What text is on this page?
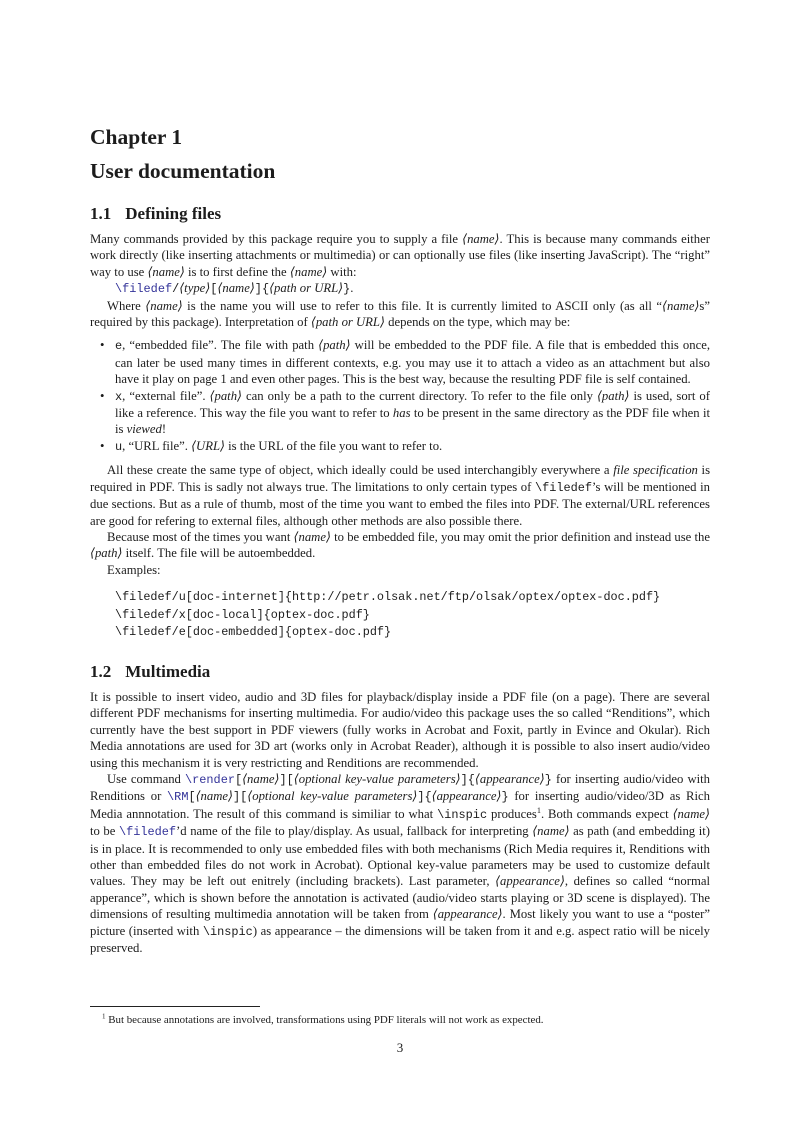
Chapter 1
User documentation
1.1 Defining files

Many commands provided by this package require you to supply a file ⟨name⟩. This is because many commands either work directly (like inserting attachments or multimedia) or can optionally use files (like inserting JavaScript). The “right” way to use ⟨name⟩ is to first define the ⟨name⟩ with:

\filedef/⟨type⟩[⟨name⟩]{⟨path or URL⟩}.

Where ⟨name⟩ is the name you will use to refer to this file. It is currently limited to ASCII only (as all “⟨name⟩s” required by this package). Interpretation of ⟨path or URL⟩ depends on the type, which may be:

• e, “embedded file”. The file with path ⟨path⟩ will be embedded to the PDF file. A file that is embedded this once, can later be used many times in different contexts, e.g. you may use it to attach a video as an attachment but also have it play on page 1 and even other pages. This is the best way, because the resulting PDF file is self contained.
• x, “external file”. ⟨path⟩ can only be a path to the current directory. To refer to the file only ⟨path⟩ is used, sort of like a reference. This way the file you want to refer to has to be present in the same directory as the PDF file when it is viewed!
• u, “URL file”. ⟨URL⟩ is the URL of the file you want to refer to.

All these create the same type of object, which ideally could be used interchangibly everywhere a file specification is required in PDF. This is sadly not always true. The limitations to only certain types of \filedef’s will be mentioned in due sections. But as a rule of thumb, most of the time you want to embed the files into PDF. The external/URL references are good for refering to external files, although other methods are also possible there.

Because most of the times you want ⟨name⟩ to be embedded file, you may omit the prior definition and instead use the ⟨path⟩ itself. The file will be autoembedded.

Examples:

\filedef/u[doc-internet]{http://petr.olsak.net/ftp/olsak/optex/optex-doc.pdf}
\filedef/x[doc-local]{optex-doc.pdf}
\filedef/e[doc-embedded]{optex-doc.pdf}
1.2 Multimedia

It is possible to insert video, audio and 3D files for playback/display inside a PDF file (on a page). There are several different PDF mechanisms for inserting multimedia. For audio/video this package uses the so called “Renditions”, which currently have the best support in PDF viewers (fully works in Acrobat and Foxit, partly in Evince and Okular). Rich Media annotations are used for 3D art (works only in Acrobat Reader), although it is possible to also insert audio/video using this mechanism it is very restricting and Renditions are recommended.

Use command \render[⟨name⟩][⟨optional key-value parameters⟩]{⟨appearance⟩} for inserting audio/video with Renditions or \RM[⟨name⟩][⟨optional key-value parameters⟩]{⟨appearance⟩} for inserting audio/video/3D as Rich Media annnotation. The result of this command is similiar to what \inspic produces$^1$. Both commands expect ⟨name⟩ to be \filedef’d name of the file to play/display. As usual, fallback for interpreting ⟨name⟩ as path (and embedding it) is in place. It is recommended to only use embedded files with both mechanisms (Rich Media requires it, Renditions with other than embedded files do not work in Acrobat). Optional key-value parameters may be used to customize default values. They may be left out enitrely (including brackets). Last parameter, ⟨appearance⟩, defines so called “normal apperance”, which is shown before the annotation is activated (audio/video starts playing or 3D scene is displayed). The dimensions of resulting multimedia annotation will be taken from ⟨appearance⟩. Most likely you want to use a “poster” picture (inserted with \inspic) as appearance – the dimensions will be taken from it and e.g. aspect ratio will be nicely preserved.

$^1$ But because annotations are involved, transformations using PDF literals will not work as expected.
3
